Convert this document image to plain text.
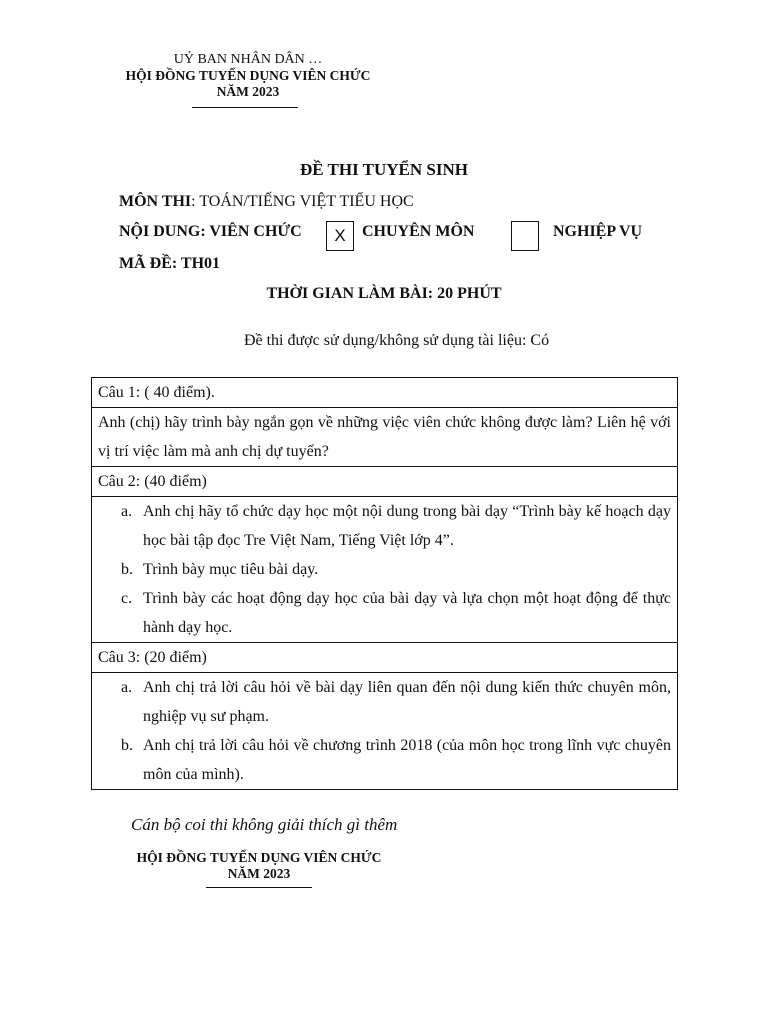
UỶ BAN NHÂN DÂN …
HỘI ĐỒNG TUYỂN DỤNG VIÊN CHỨC
NĂM 2023
ĐỀ THI TUYỂN SINH
MÔN THI: TOÁN/TIẾNG VIỆT TIỂU HỌC
NỘI DUNG: VIÊN CHỨC	X	CHUYÊN MÔN	NGHIỆP VỤ
MÃ ĐỀ: TH01
THỜI GIAN LÀM BÀI: 20 PHÚT
Đề thi được sử dụng/không sử dụng tài liệu: Có
Câu 1: ( 40 điểm).
Anh (chị) hãy trình bày ngắn gọn về những việc viên chức không được làm? Liên hệ với vị trí việc làm mà anh chị dự tuyến?
Câu 2: (40 điểm)

a. Anh chị hãy tổ chức dạy học một nội dung trong bài dạy “Trình bày kế hoạch dạy học bài tập đọc Tre Việt Nam, Tiếng Việt lớp 4”.
b. Trình bày mục tiêu bài dạy.
c. Trình bày các hoạt động dạy học của bài dạy và lựa chọn một hoạt động để thực hành dạy học.

Câu 3: (20 điểm)

a. Anh chị trả lời câu hỏi về bài dạy liên quan đến nội dung kiến thức chuyên môn, nghiệp vụ sư phạm.
b. Anh chị trả lời câu hỏi về chương trình 2018 (của môn học trong lĩnh vực chuyên môn của mình).
Cán bộ coi thi không giải thích gì thêm
HỘI ĐỒNG TUYỂN DỤNG VIÊN CHỨC
NĂM 2023
